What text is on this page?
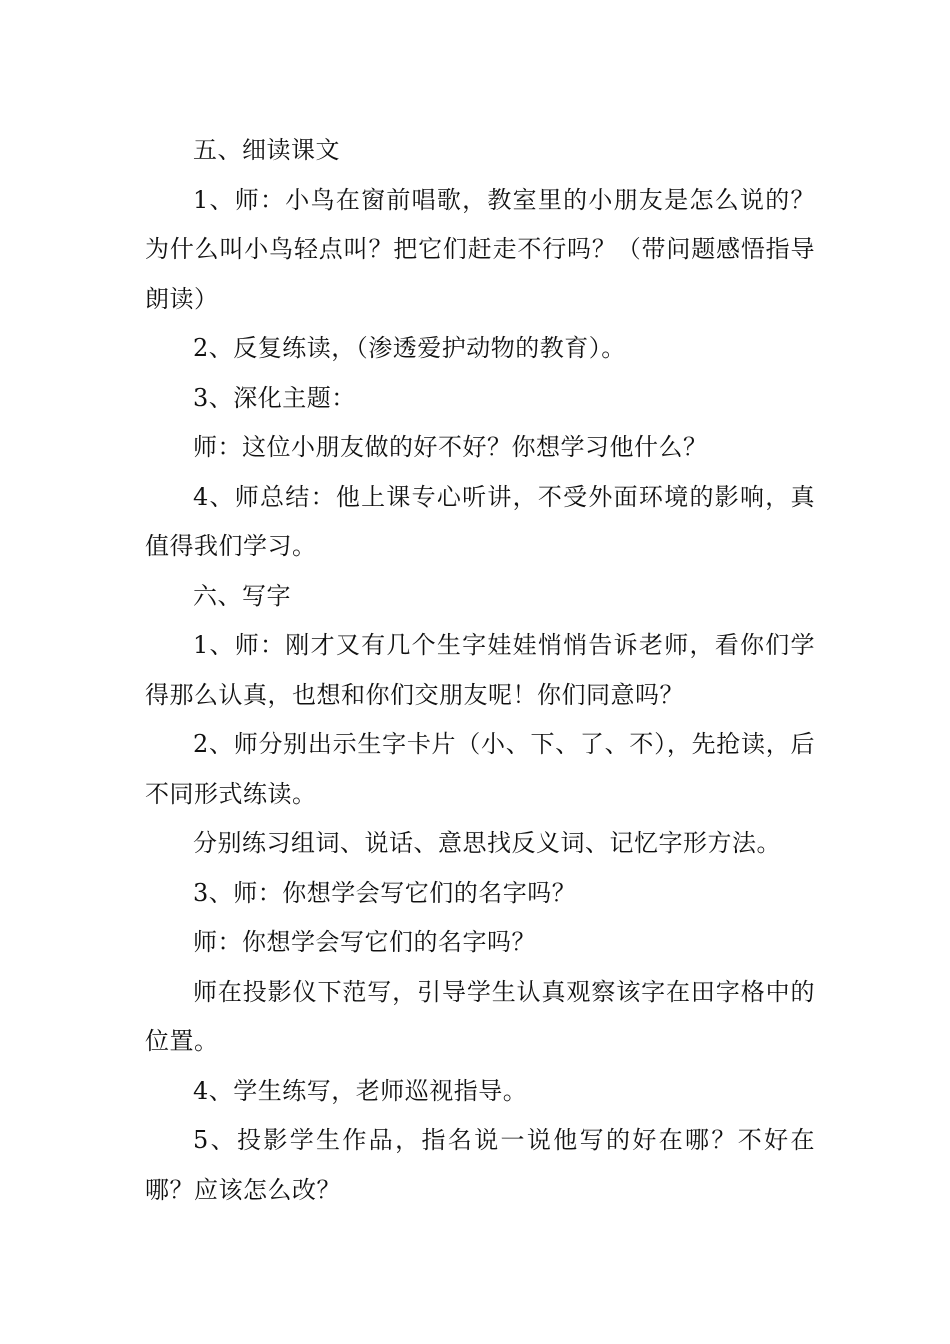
五、细读课文

1、师：小鸟在窗前唱歌，教室里的小朋友是怎么说的？为什么叫小鸟轻点叫？把它们赶走不行吗？（带问题感悟指导朗读）

2、反复练读，（渗透爱护动物的教育）。

3、深化主题：

师：这位小朋友做的好不好？你想学习他什么？

4、师总结：他上课专心听讲，不受外面环境的影响，真值得我们学习。

六、写字

1、师：刚才又有几个生字娃娃悄悄告诉老师，看你们学得那么认真，也想和你们交朋友呢！你们同意吗？

2、师分别出示生字卡片（小、下、了、不），先抢读，后不同形式练读。

分别练习组词、说话、意思找反义词、记忆字形方法。

3、师：你想学会写它们的名字吗？

师：你想学会写它们的名字吗？

师在投影仪下范写，引导学生认真观察该字在田字格中的位置。

4、学生练写，老师巡视指导。

5、投影学生作品，指名说一说他写的好在哪？不好在哪？应该怎么改？
